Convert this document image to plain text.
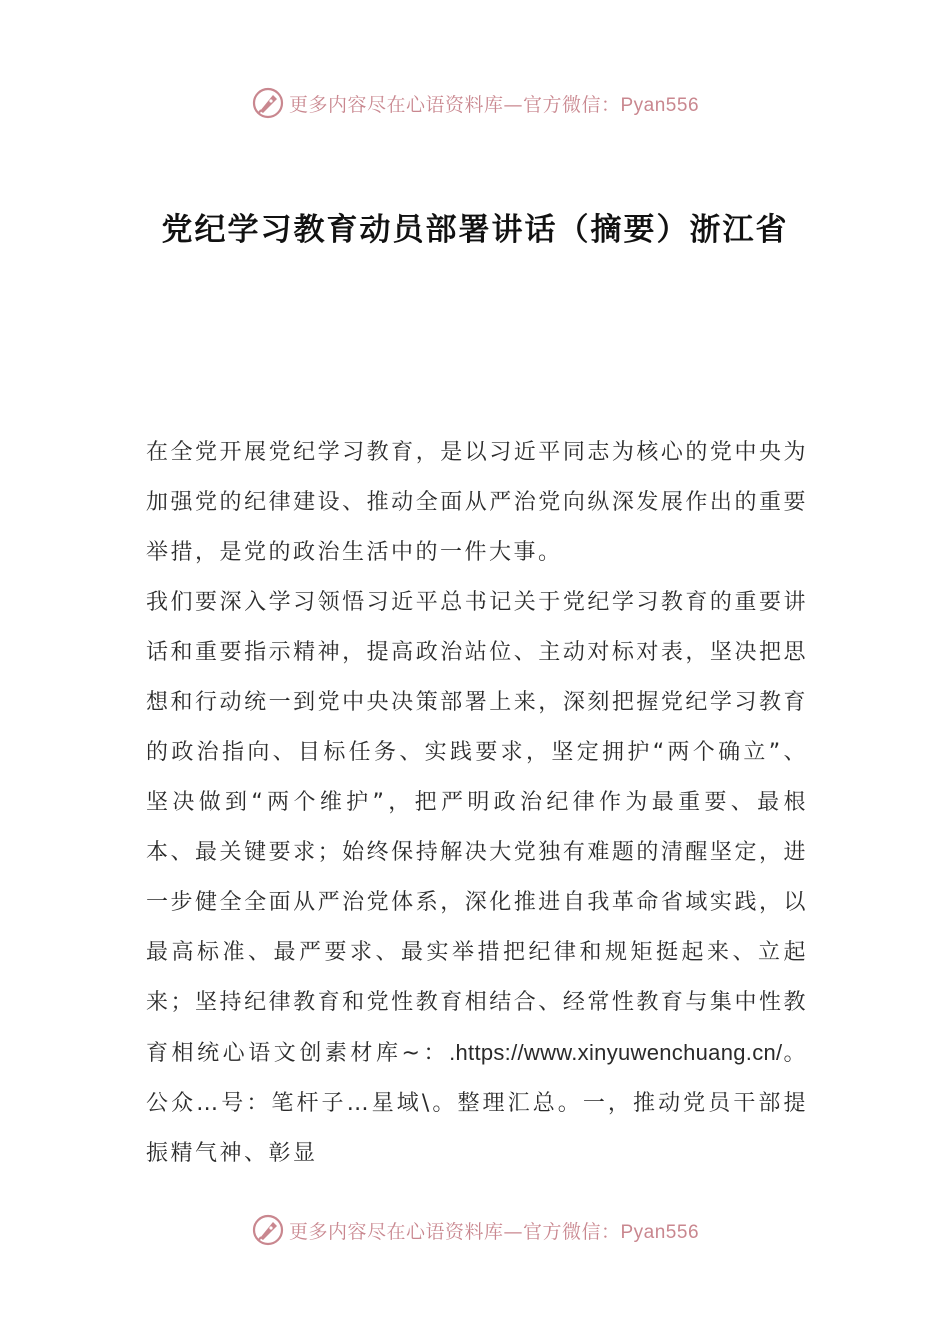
更多内容尽在心语资料库—官方微信：Pyan556
党纪学习教育动员部署讲话（摘要）浙江省

在全党开展党纪学习教育，是以习近平同志为核心的党中央为加强党的纪律建设、推动全面从严治党向纵深发展作出的重要举措，是党的政治生活中的一件大事。

我们要深入学习领悟习近平总书记关于党纪学习教育的重要讲话和重要指示精神，提高政治站位、主动对标对表，坚决把思想和行动统一到党中央决策部署上来，深刻把握党纪学习教育的政治指向、目标任务、实践要求，坚定拥护“两个确立”、坚决做到“两个维护”，把严明政治纪律作为最重要、最根本、最关键要求；始终保持解决大党独有难题的清醒坚定，进一步健全全面从严治党体系，深化推进自我革命省域实践，以最高标准、最严要求、最实举措把纪律和规矩挺起来、立起来；坚持纪律教育和党性教育相结合、经常性教育与集中性教育相统心语文创素材库~：.https://www.xinyuwenchuang.cn/。公众…号：笔杆子…星域\。整理汇总。一，推动党员干部提振精气神、彰显

更多内容尽在心语资料库—官方微信：Pyan556
